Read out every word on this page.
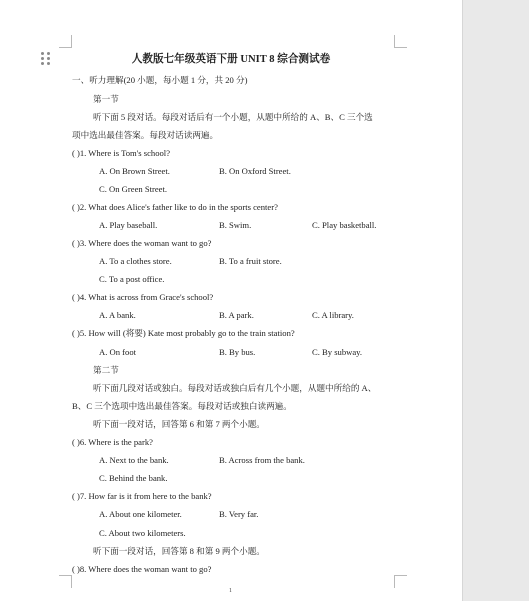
人教版七年级英语下册 UNIT 8 综合测试卷
一、听力理解(20 小题，每小题 1 分，共 20 分)
第一节
听下面 5 段对话。每段对话后有一个小题，从题中所给的 A、B、C 三个选
项中选出最佳答案。每段对话读两遍。
( )1. Where is Tom's school?
A. On Brown Street.	B. On Oxford Street.
C. On Green Street.
( )2. What does Alice's father like to do in the sports center?
A. Play baseball.	B. Swim.	C. Play basketball.
( )3. Where does the woman want to go?
A. To a clothes store.	B. To a fruit store.
C. To a post office.
( )4. What is across from Grace's school?
A. A bank.	B. A park.	C. A library.
( )5. How will (将要) Kate most probably go to the train station?
A. On foot	B. By bus.	C. By subway.
第二节
听下面几段对话或独白。每段对话或独白后有几个小题，从题中所给的 A、
B、C 三个选项中选出最佳答案。每段对话或独白读两遍。
听下面一段对话，回答第 6 和第 7 两个小题。
( )6. Where is the park?
A. Next to the bank.	B. Across from the bank.
C. Behind the bank.
( )7. How far is it from here to the bank?
A. About one kilometer.	B. Very far.
C. About two kilometers.
听下面一段对话，回答第 8 和第 9 两个小题。
( )8. Where does the woman want to go?
1
